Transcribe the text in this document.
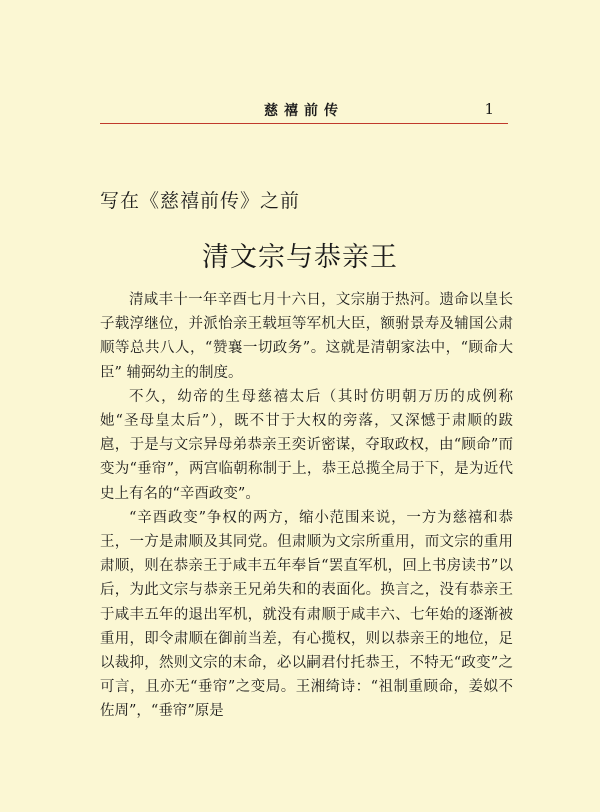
慈禧前传	1
写在《慈禧前传》之前
清文宗与恭亲王

清咸丰十一年辛酉七月十六日，文宗崩于热河。遗命以皇长子载淳继位，并派怡亲王载垣等军机大臣，额驸景寿及辅国公肃顺等总共八人，“赞襄一切政务”。这就是清朝家法中，“顾命大臣” 辅弼幼主的制度。

不久，幼帝的生母慈禧太后（其时仿明朝万历的成例称她“圣母皇太后”），既不甘于大权的旁落，又深憾于肃顺的跋扈，于是与文宗异母弟恭亲王奕䜣密谋，夺取政权，由“顾命”而变为“垂帘”，两宫临朝称制于上，恭王总揽全局于下，是为近代史上有名的“辛酉政变”。

“辛酉政变”争权的两方，缩小范围来说，一方为慈禧和恭王，一方是肃顺及其同党。但肃顺为文宗所重用，而文宗的重用肃顺，则在恭亲王于咸丰五年奉旨“罢直军机，回上书房读书”以后，为此文宗与恭亲王兄弟失和的表面化。换言之，没有恭亲王于咸丰五年的退出军机，就没有肃顺于咸丰六、七年始的逐渐被重用，即令肃顺在御前当差，有心揽权，则以恭亲王的地位，足以裁抑，然则文宗的末命，必以嗣君付托恭王，不特无“政变”之可言，且亦无“垂帘”之变局。王湘绮诗：“祖制重顾命，姜姒不佐周”，“垂帘”原是
